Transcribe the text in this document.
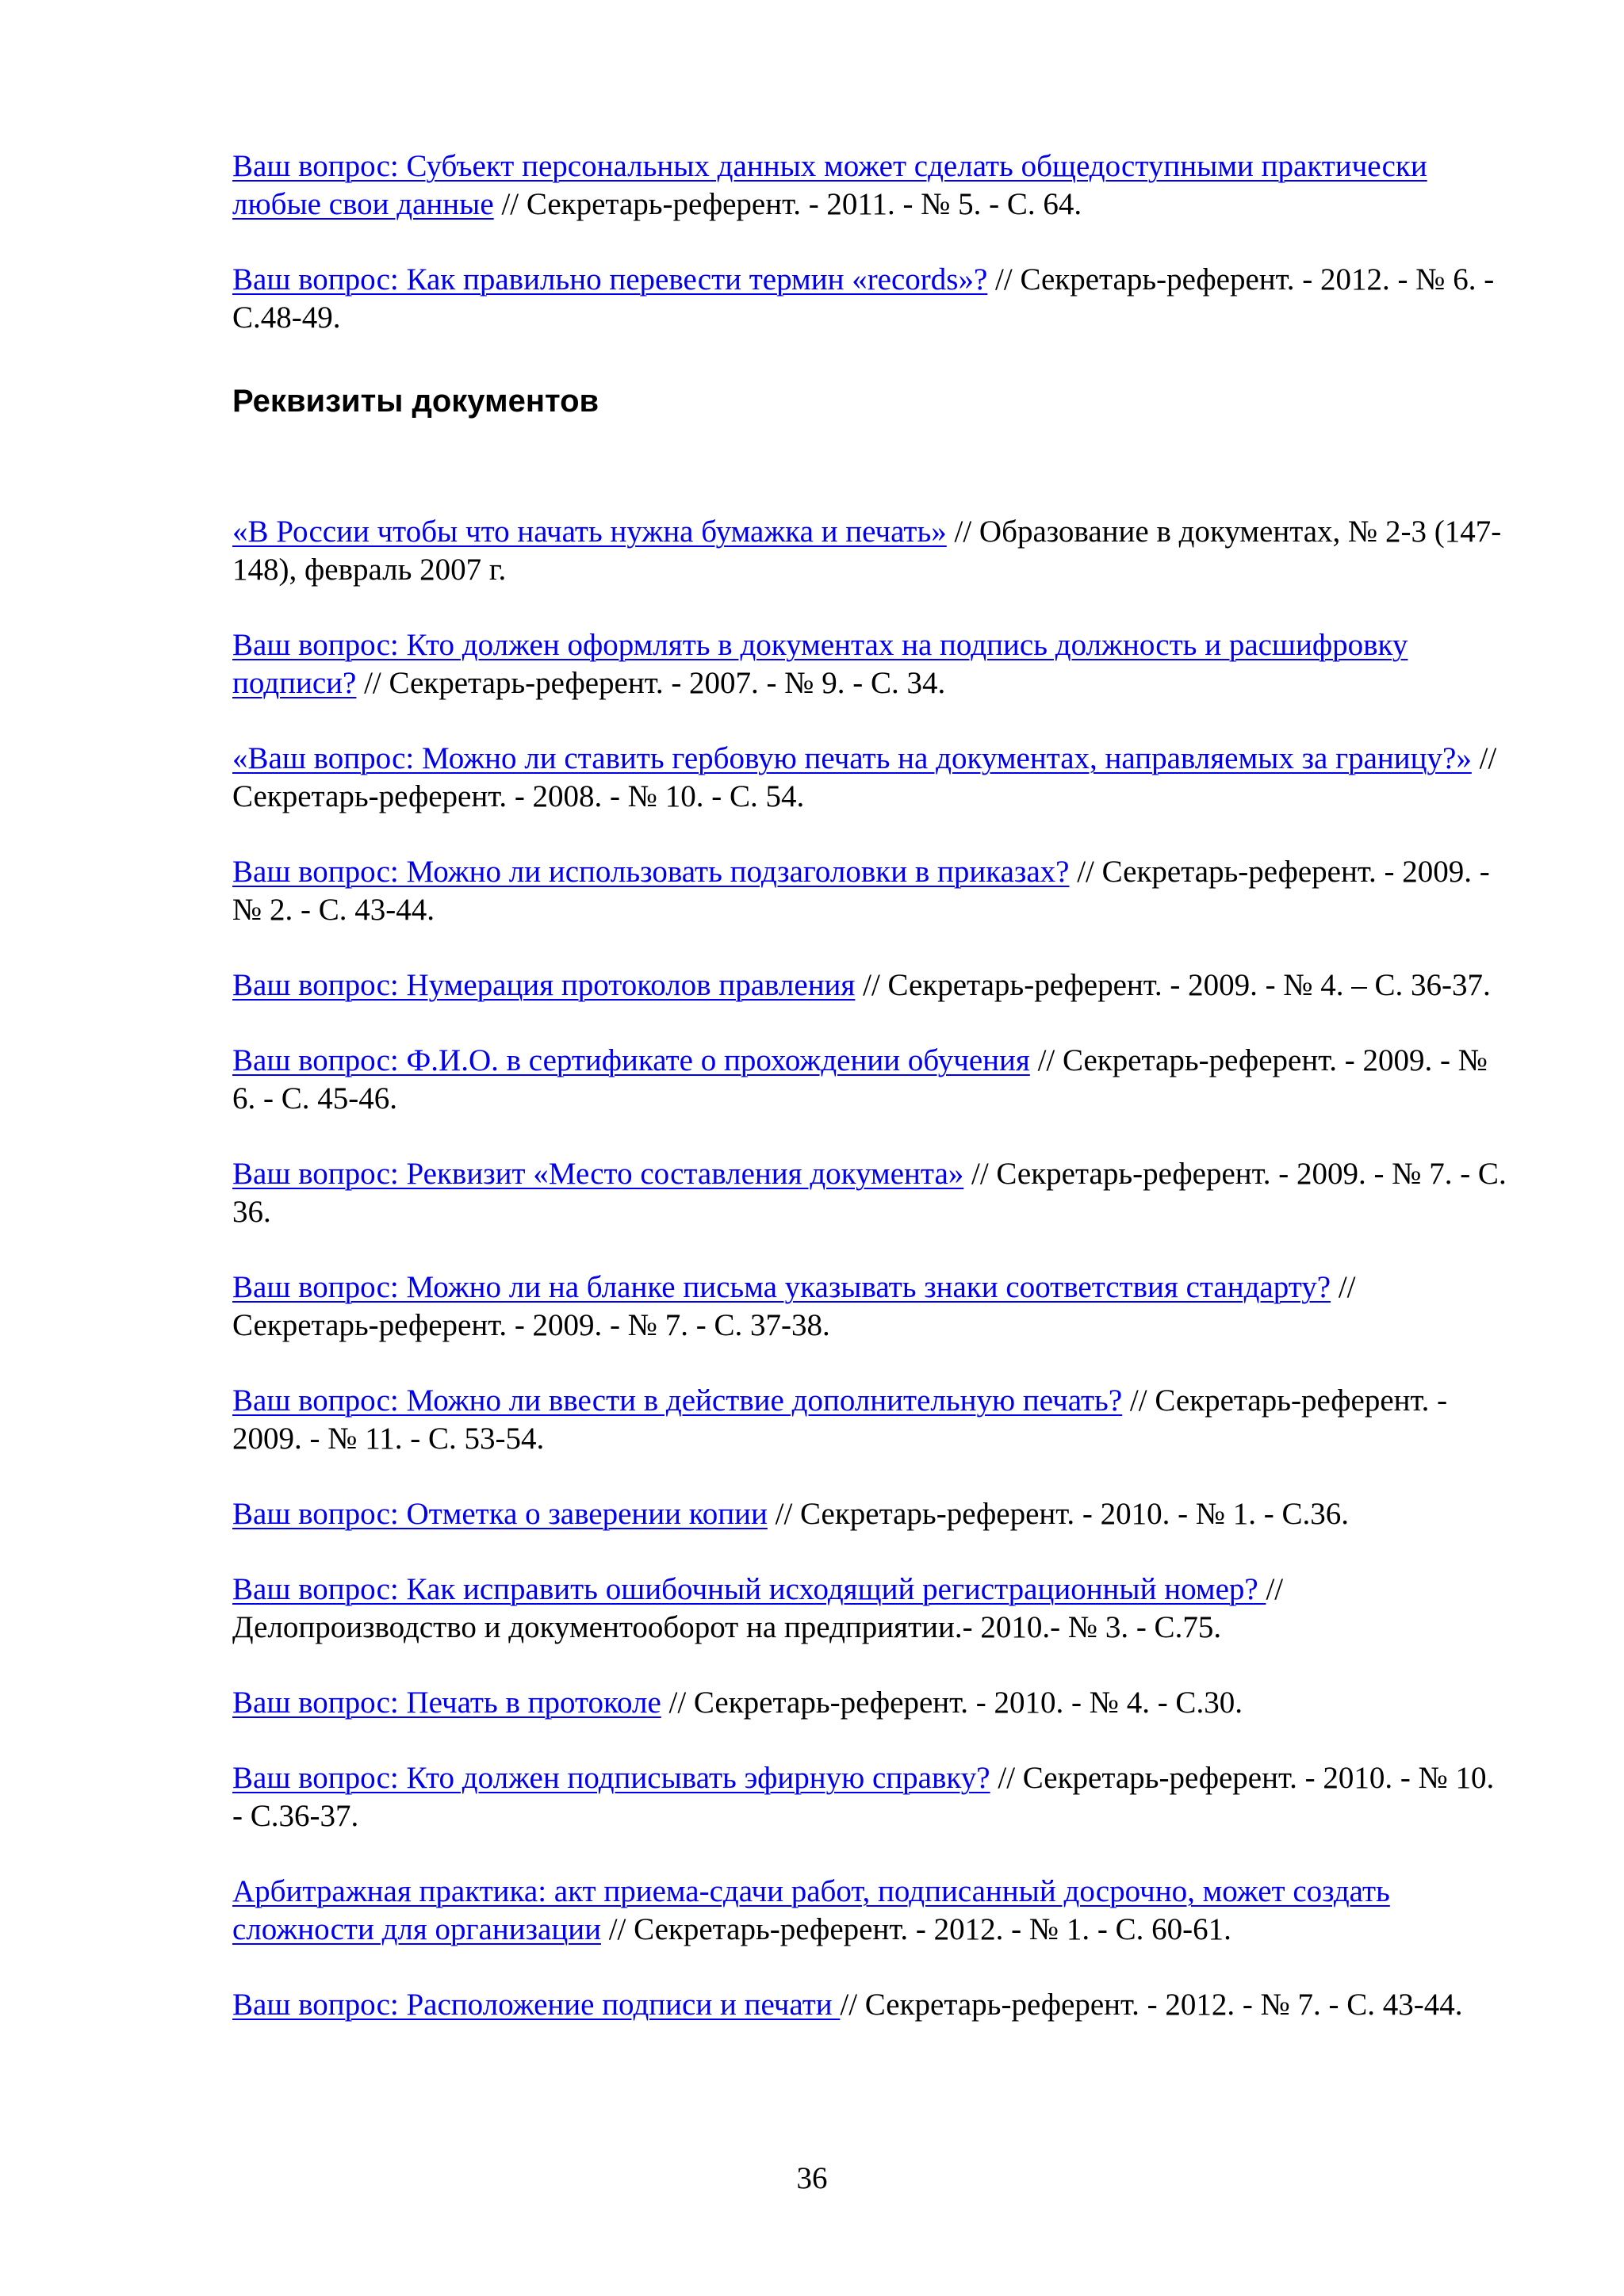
Ваш вопрос: Субъект персональных данных может сделать общедоступными практически любые свои данные // Секретарь-референт. - 2011. - № 5. - С. 64.

Ваш вопрос: Как правильно перевести термин «records»? // Секретарь-референт. - 2012. - № 6. - С.48-49.

Реквизиты документов

«В России чтобы что начать нужна бумажка и печать» // Образование в документах, № 2-3 (147-148), февраль 2007 г.

Ваш вопрос: Кто должен оформлять в документах на подпись должность и расшифровку подписи? // Секретарь-референт. - 2007. - № 9. - С. 34.

«Ваш вопрос: Можно ли ставить гербовую печать на документах, направляемых за границу?» // Секретарь-референт. - 2008. - № 10. - С. 54.

Ваш вопрос: Можно ли использовать подзаголовки в приказах? // Секретарь-референт. - 2009. - № 2. - С. 43-44.

Ваш вопрос: Нумерация протоколов правления // Секретарь-референт. - 2009. - № 4. – С. 36-37.

Ваш вопрос: Ф.И.О. в сертификате о прохождении обучения // Секретарь-референт. - 2009. - № 6. - С. 45-46.

Ваш вопрос: Реквизит «Место составления документа» // Секретарь-референт. - 2009. - № 7. - С. 36.

Ваш вопрос: Можно ли на бланке письма указывать знаки соответствия стандарту? // Секретарь-референт. - 2009. - № 7. - С. 37-38.

Ваш вопрос: Можно ли ввести в действие дополнительную печать? // Секретарь-референт. - 2009. - № 11. - С. 53-54.

Ваш вопрос: Отметка о заверении копии // Секретарь-референт. - 2010. - № 1. - С.36.

Ваш вопрос: Как исправить ошибочный исходящий регистрационный номер? // Делопроизводство и документооборот на предприятии.- 2010.- № 3. - С.75.

Ваш вопрос: Печать в протоколе // Секретарь-референт. - 2010. - № 4. - С.30.

Ваш вопрос: Кто должен подписывать эфирную справку? // Секретарь-референт. - 2010. - № 10. - С.36-37.

Арбитражная практика: акт приема-сдачи работ, подписанный досрочно, может создать сложности для организации // Секретарь-референт. - 2012. - № 1. - С. 60-61.

Ваш вопрос: Расположение подписи и печати // Секретарь-референт. - 2012. - № 7. - С. 43-44.

36
